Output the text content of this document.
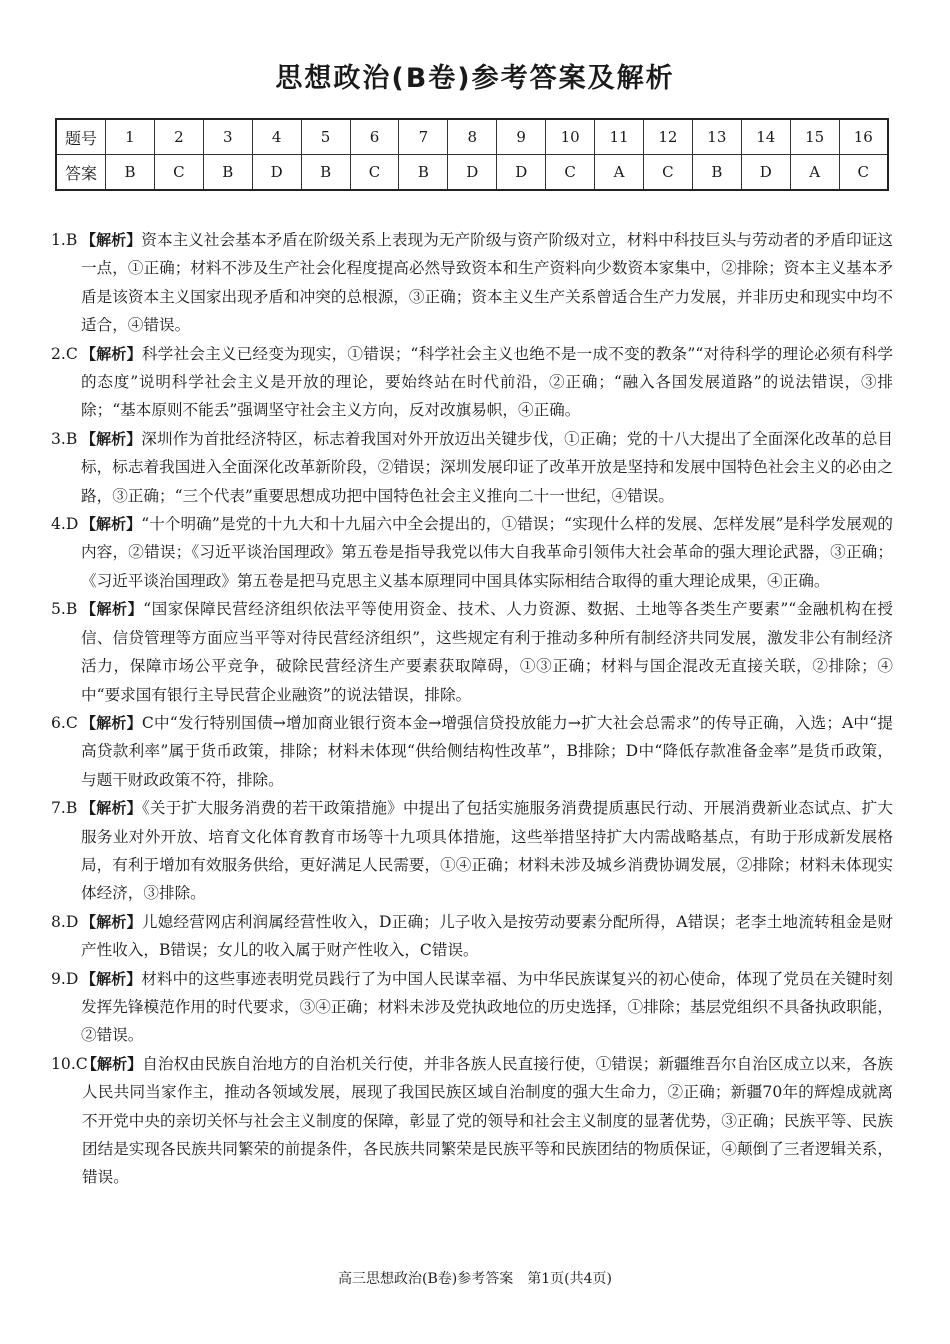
思想政治(B卷)参考答案及解析
题号	1	2	3	4	5	6	7	8	9	10	11	12	13	14	15	16
答案	B	C	B	D	B	C	B	D	D	C	A	C	B	D	A	C
1.B 【解析】资本主义社会基本矛盾在阶级关系上表现为无产阶级与资产阶级对立，材料中科技巨头与劳动者的矛盾印证这一点，①正确；材料不涉及生产社会化程度提高必然导致资本和生产资料向少数资本家集中，②排除；资本主义基本矛盾是该资本主义国家出现矛盾和冲突的总根源，③正确；资本主义生产关系曾适合生产力发展，并非历史和现实中均不适合，④错误。
2.C 【解析】科学社会主义已经变为现实，①错误；“科学社会主义也绝不是一成不变的教条”“对待科学的理论必须有科学的态度”说明科学社会主义是开放的理论，要始终站在时代前沿，②正确；“融入各国发展道路”的说法错误，③排除；“基本原则不能丢”强调坚守社会主义方向，反对改旗易帜，④正确。
3.B 【解析】深圳作为首批经济特区，标志着我国对外开放迈出关键步伐，①正确；党的十八大提出了全面深化改革的总目标，标志着我国进入全面深化改革新阶段，②错误；深圳发展印证了改革开放是坚持和发展中国特色社会主义的必由之路，③正确；“三个代表”重要思想成功把中国特色社会主义推向二十一世纪，④错误。
4.D 【解析】“十个明确”是党的十九大和十九届六中全会提出的，①错误；“实现什么样的发展、怎样发展”是科学发展观的内容，②错误；《习近平谈治国理政》第五卷是指导我党以伟大自我革命引领伟大社会革命的强大理论武器，③正确；《习近平谈治国理政》第五卷是把马克思主义基本原理同中国具体实际相结合取得的重大理论成果，④正确。
5.B 【解析】“国家保障民营经济组织依法平等使用资金、技术、人力资源、数据、土地等各类生产要素”“金融机构在授信、信贷管理等方面应当平等对待民营经济组织”，这些规定有利于推动多种所有制经济共同发展，激发非公有制经济活力，保障市场公平竞争，破除民营经济生产要素获取障碍，①③正确；材料与国企混改无直接关联，②排除；④中“要求国有银行主导民营企业融资”的说法错误，排除。
6.C 【解析】C中“发行特别国债→增加商业银行资本金→增强信贷投放能力→扩大社会总需求”的传导正确，入选；A中“提高贷款利率”属于货币政策，排除；材料未体现“供给侧结构性改革”，B排除；D中“降低存款准备金率”是货币政策，与题干财政政策不符，排除。
7.B 【解析】《关于扩大服务消费的若干政策措施》中提出了包括实施服务消费提质惠民行动、开展消费新业态试点、扩大服务业对外开放、培育文化体育教育市场等十九项具体措施，这些举措坚持扩大内需战略基点，有助于形成新发展格局，有利于增加有效服务供给，更好满足人民需要，①④正确；材料未涉及城乡消费协调发展，②排除；材料未体现实体经济，③排除。
8.D 【解析】儿媳经营网店利润属经营性收入，D正确；儿子收入是按劳动要素分配所得，A错误；老李土地流转租金是财产性收入，B错误；女儿的收入属于财产性收入，C错误。
9.D 【解析】材料中的这些事迹表明党员践行了为中国人民谋幸福、为中华民族谋复兴的初心使命，体现了党员在关键时刻发挥先锋模范作用的时代要求，③④正确；材料未涉及党执政地位的历史选择，①排除；基层党组织不具备执政职能，②错误。
10.C
【解析】自治权由民族自治地方的自治机关行使，并非各族人民直接行使，①错误；新疆维吾尔自治区成立以来，各族人民共同当家作主，推动各领域发展，展现了我国民族区域自治制度的强大生命力，②正确；新疆70年的辉煌成就离不开党中央的亲切关怀与社会主义制度的保障，彰显了党的领导和社会主义制度的显著优势，③正确；民族平等、民族团结是实现各民族共同繁荣的前提条件，各民族共同繁荣是民族平等和民族团结的物质保证，④颠倒了三者逻辑关系，错误。
高三思想政治(B卷)参考答案　第1页(共4页)
